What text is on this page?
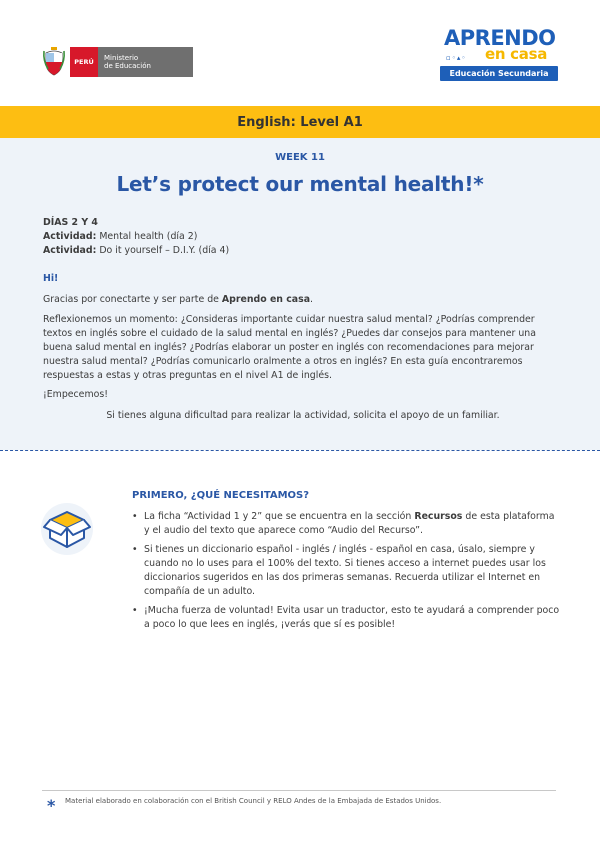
PERÚ	Ministerio
de Educación
APRENDO
▫◦▴◦ en casa
Educación Secundaria
English: Level A1
WEEK 11
Let’s protect our mental health!*
DÍAS 2 Y 4
Actividad: Mental health (día 2)
Actividad: Do it yourself – D.I.Y. (día 4)
Hi!
Gracias por conectarte y ser parte de Aprendo en casa.
Reflexionemos un momento: ¿Consideras importante cuidar nuestra salud mental? ¿Podrías comprender
textos en inglés sobre el cuidado de la salud mental en inglés? ¿Puedes dar consejos para mantener una
buena salud mental en inglés? ¿Podrías elaborar un poster en inglés con recomendaciones para mejorar
nuestra salud mental? ¿Podrías comunicarlo oralmente a otros en inglés? En esta guía encontraremos
respuestas a estas y otras preguntas en el nivel A1 de inglés.
¡Empecemos!
Si tienes alguna dificultad para realizar la actividad, solicita el apoyo de un familiar.
PRIMERO, ¿QUÉ NECESITAMOS?
• La ficha “Actividad 1 y 2” que se encuentra en la sección Recursos de esta plataforma y el audio del texto que aparece como “Audio del Recurso”.
• Si tienes un diccionario español - inglés / inglés - español en casa, úsalo, siempre y cuando no lo uses para el 100% del texto. Si tienes acceso a internet puedes usar los diccionarios sugeridos en las dos primeras semanas. Recuerda utilizar el Internet en compañía de un adulto.
• ¡Mucha fuerza de voluntad! Evita usar un traductor, esto te ayudará a comprender poco a poco lo que lees en inglés, ¡verás que sí es posible!
* Material elaborado en colaboración con el British Council y RELO Andes de la Embajada de Estados Unidos.
